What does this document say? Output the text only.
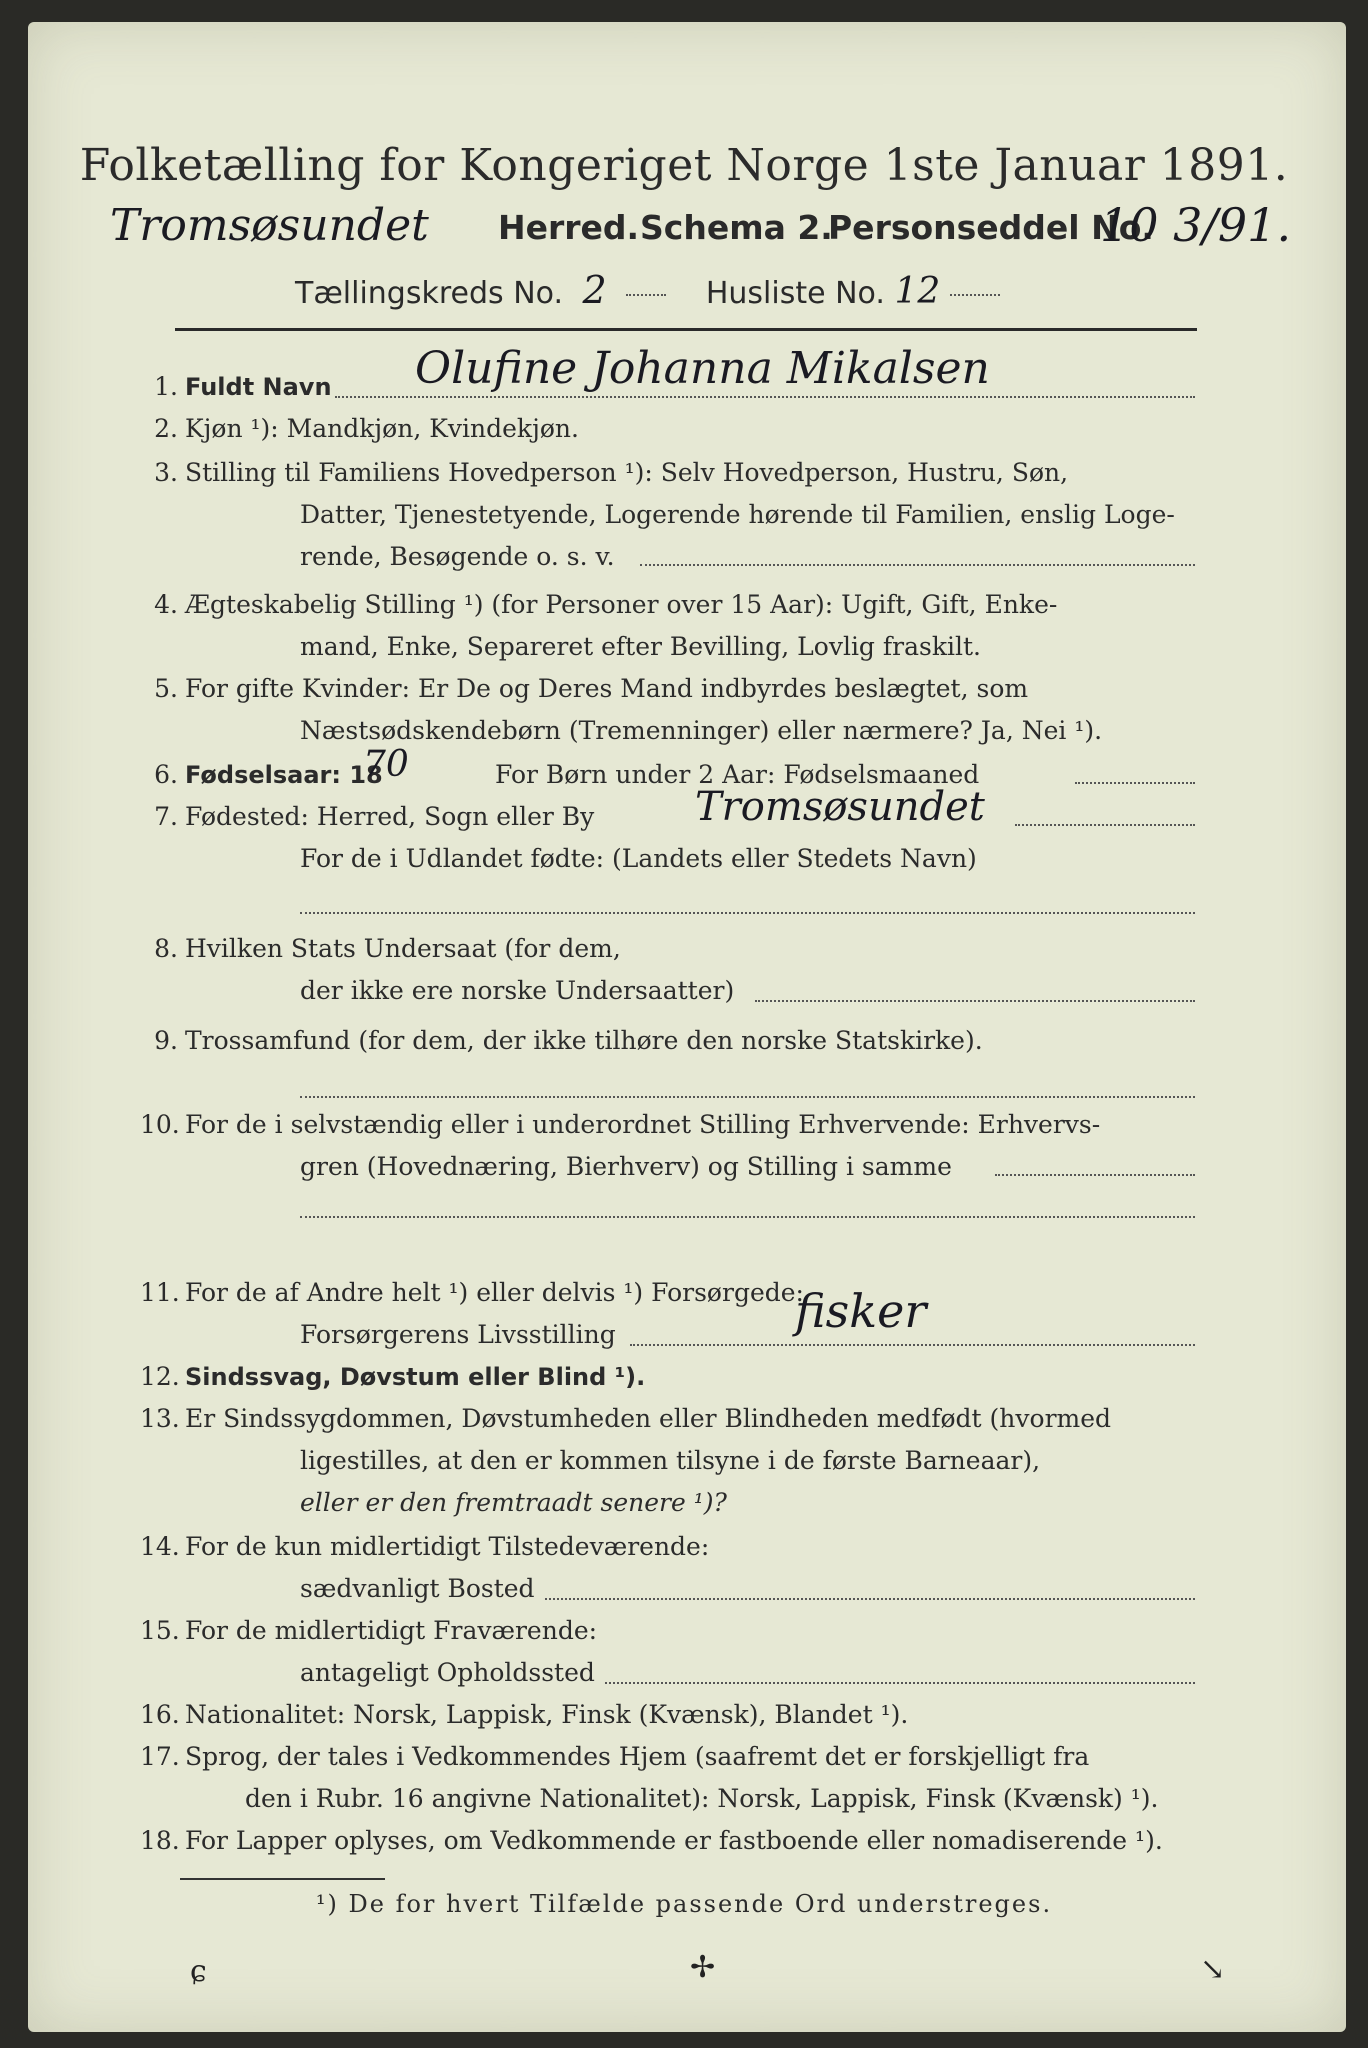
Folketælling for Kongeriget Norge 1ste Januar 1891.
Tromsøsundet Herred. Schema 2.
Personseddel No.
10 3/91.
Tællingskreds No. 2	Husliste No. 12
1. Fuldt Navn Olufine Johanna Mikalsen
2. Kjøn ¹): Mandkjøn, Kvindekjøn.
3. Stilling til Familiens Hovedperson ¹): Selv Hovedperson, Hustru, Søn,
Datter, Tjenestetyende, Logerende hørende til Familien, enslig Loge-
rende, Besøgende o. s. v.
4. Ægteskabelig Stilling ¹) (for Personer over 15 Aar): Ugift, Gift, Enke-
mand, Enke, Separeret efter Bevilling, Lovlig fraskilt.
5. For gifte Kvinder: Er De og Deres Mand indbyrdes beslægtet, som
Næstsødskendebørn (Tremenninger) eller nærmere? Ja, Nei ¹).
6. Fødselsaar: 18
70	For Børn under 2 Aar: Fødselsmaaned
7. Fødested: Herred, Sogn eller By	Tromsøsundet
For de i Udlandet fødte: (Landets eller Stedets Navn)
8. Hvilken Stats Undersaat (for dem,
der ikke ere norske Undersaatter)
9. Trossamfund (for dem, der ikke tilhøre den norske Statskirke).
10. For de i selvstændig eller i underordnet Stilling Erhvervende: Erhvervs-
gren (Hovednæring, Bierhverv) og Stilling i samme
11. For de af Andre helt ¹) eller delvis ¹) Forsørgede:
Forsørgerens Livsstilling	fisker
12. Sindssvag, Døvstum eller Blind ¹).
13. Er Sindssygdommen, Døvstumheden eller Blindheden medfødt (hvormed
ligestilles, at den er kommen tilsyne i de første Barneaar),
eller er den fremtraadt senere ¹)?
14. For de kun midlertidigt Tilstedeværende:
sædvanligt Bosted
15. For de midlertidigt Fraværende:
antageligt Opholdssted
16. Nationalitet: Norsk, Lappisk, Finsk (Kvænsk), Blandet ¹).
17. Sprog, der tales i Vedkommendes Hjem (saafremt det er forskjelligt fra
den i Rubr. 16 angivne Nationalitet): Norsk, Lappisk, Finsk (Kvænsk) ¹).
18. For Lapper oplyses, om Vedkommende er fastboende eller nomadiserende ¹).
¹) De for hvert Tilfælde passende Ord understreges.
ɕ	✢	↘
